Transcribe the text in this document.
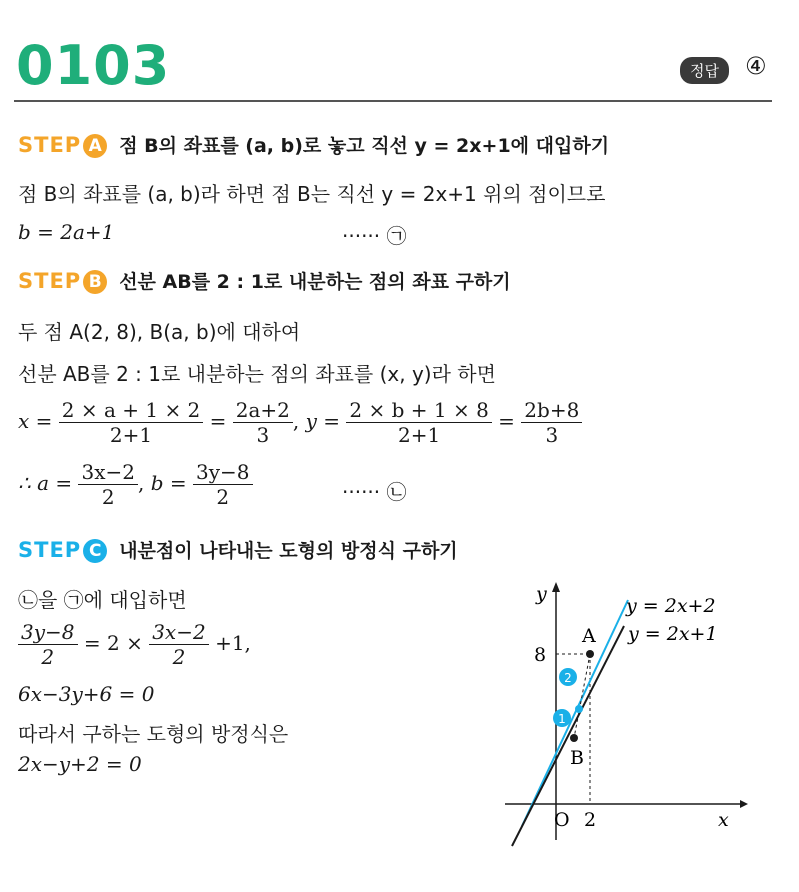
0103	정답	④
STEP A 점 B의 좌표를 (a, b)로 놓고 직선 y = 2x+1에 대입하기
점 B의 좌표를 (a, b)라 하면 점 B는 직선 y = 2x+1 위의 점이므로
b = 2a+1	······ ㉠
STEP B 선분 AB를 2 : 1로 내분하는 점의 좌표 구하기
두 점 A(2, 8), B(a, b)에 대하여
선분 AB를 2 : 1로 내분하는 점의 좌표를 (x, y)라 하면
$x = \frac{2 \times a + 1 \times 2}{2+1} = \frac{2a+2}{3}$ , $y = \frac{2 \times b + 1 \times 8}{2+1} = \frac{2b+8}{3}$
∴ $a = \frac{3x-2}{2}$ , $b = \frac{3y-8}{2}$	······ ㉡
STEP C 내분점이 나타내는 도형의 방정식 구하기
㉡을 ㉠에 대입하면
$\frac{3y-8}{2} = 2 \times \frac{3x-2}{2} +1$,
6x−3y+6 = 0
따라서 구하는 도형의 방정식은
2x−y+2 = 0
2
1
y
x
O 2
8
A
B
y = 2x+2
y = 2x+1
